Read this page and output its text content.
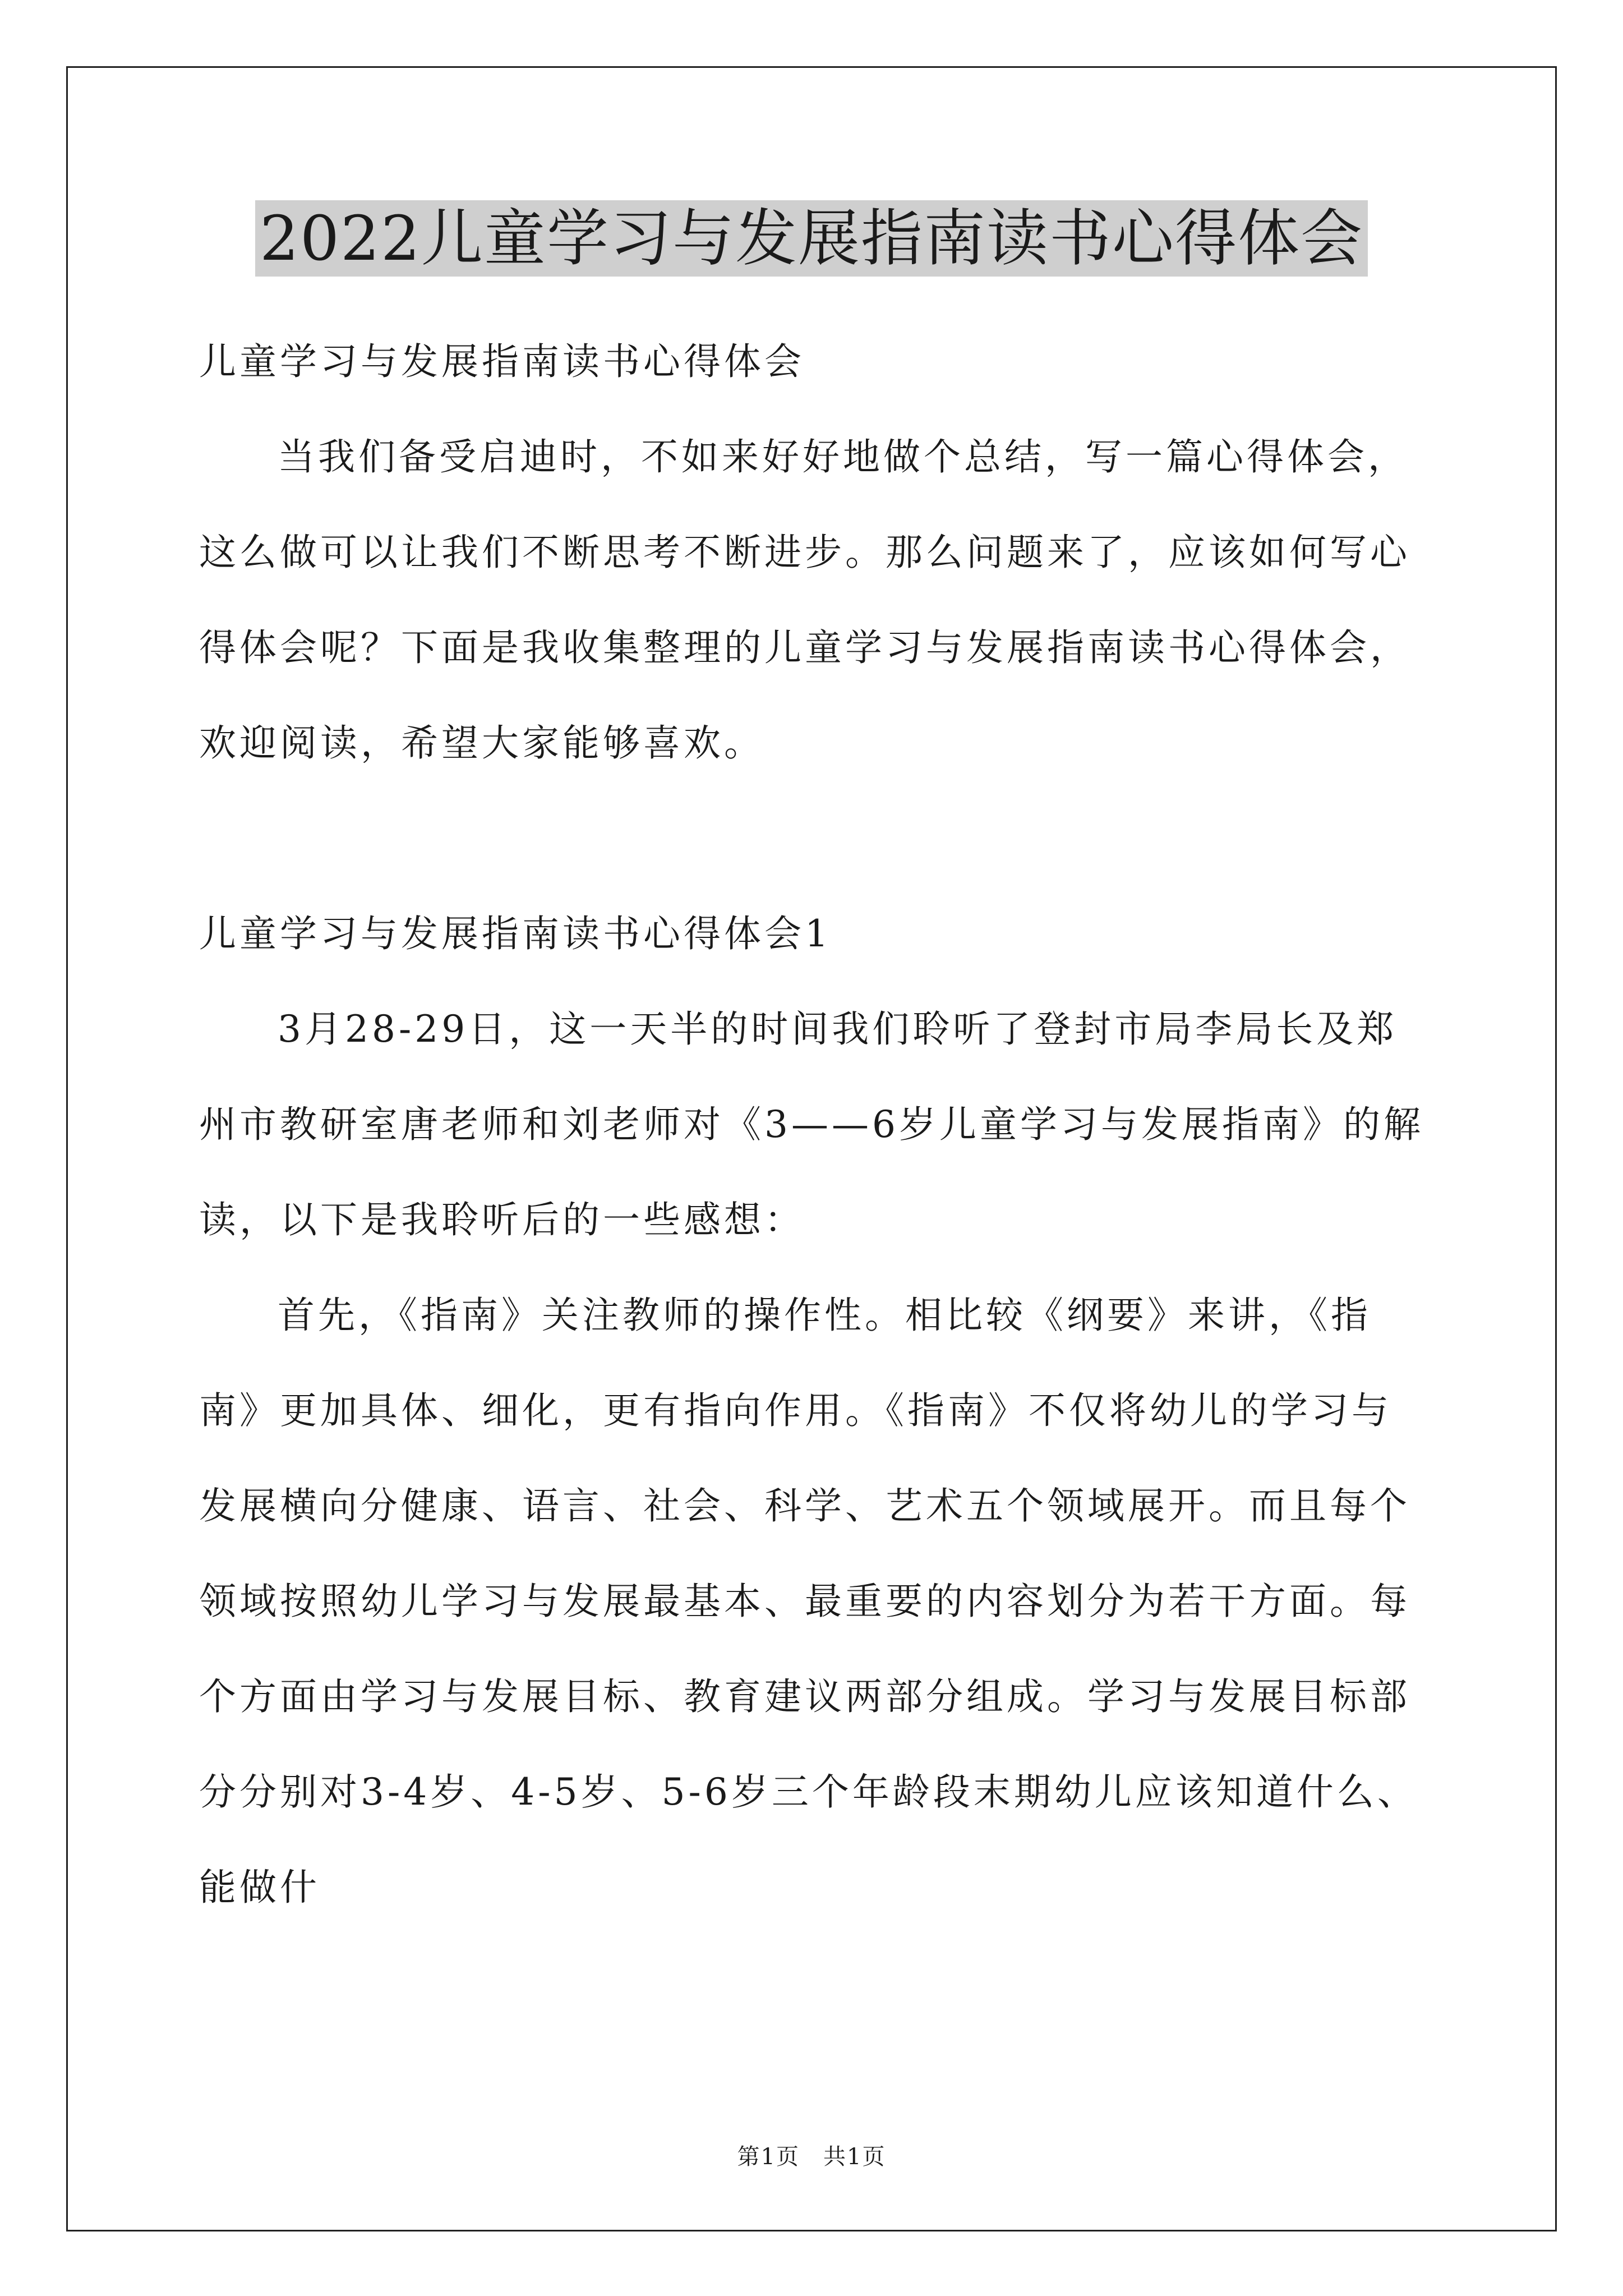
2022儿童学习与发展指南读书心得体会

儿童学习与发展指南读书心得体会

当我们备受启迪时，不如来好好地做个总结，写一篇心得体会，这么做可以让我们不断思考不断进步。那么问题来了，应该如何写心得体会呢？下面是我收集整理的儿童学习与发展指南读书心得体会，欢迎阅读，希望大家能够喜欢。

儿童学习与发展指南读书心得体会1

3月28-29日，这一天半的时间我们聆听了登封市局李局长及郑州市教研室唐老师和刘老师对《3——6岁儿童学习与发展指南》的解读，以下是我聆听后的一些感想：

首先，《指南》关注教师的操作性。相比较《纲要》来讲，《指南》更加具体、细化，更有指向作用。《指南》不仅将幼儿的学习与发展横向分健康、语言、社会、科学、艺术五个领域展开。而且每个领域按照幼儿学习与发展最基本、最重要的内容划分为若干方面。每个方面由学习与发展目标、教育建议两部分组成。学习与发展目标部分分别对3-4岁、4-5岁、5-6岁三个年龄段末期幼儿应该知道什么、能做什

第1页　共1页
